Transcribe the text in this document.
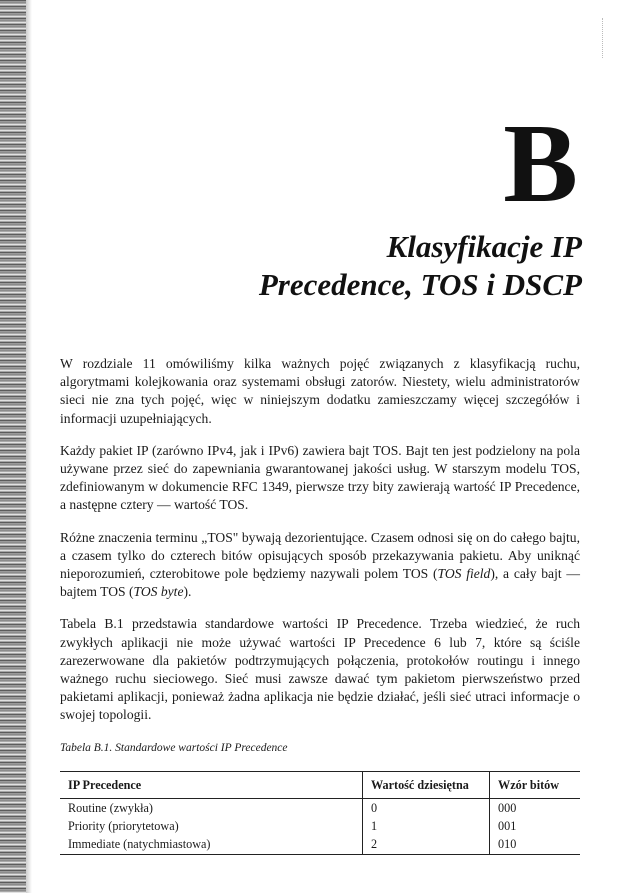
B
Klasyfikacje IP
Precedence, TOS i DSCP

W rozdziale 11 omówiliśmy kilka ważnych pojęć związanych z klasyfikacją ruchu, algorytmami kolejkowania oraz systemami obsługi zatorów. Niestety, wielu administratorów sieci nie zna tych pojęć, więc w niniejszym dodatku zamieszczamy więcej szczegółów i informacji uzupełniających.

Każdy pakiet IP (zarówno IPv4, jak i IPv6) zawiera bajt TOS. Bajt ten jest podzielony na pola używane przez sieć do zapewniania gwarantowanej jakości usług. W starszym modelu TOS, zdefiniowanym w dokumencie RFC 1349, pierwsze trzy bity zawierają wartość IP Precedence, a następne cztery — wartość TOS.

Różne znaczenia terminu „TOS" bywają dezorientujące. Czasem odnosi się on do całego bajtu, a czasem tylko do czterech bitów opisujących sposób przekazywania pakietu. Aby uniknąć nieporozumień, czterobitowe pole będziemy nazywali polem TOS (TOS field), a cały bajt — bajtem TOS (TOS byte).

Tabela B.1 przedstawia standardowe wartości IP Precedence. Trzeba wiedzieć, że ruch zwykłych aplikacji nie może używać wartości IP Precedence 6 lub 7, które są ściśle zarezerwowane dla pakietów podtrzymujących połączenia, protokołów routingu i innego ważnego ruchu sieciowego. Sieć musi zawsze dawać tym pakietom pierwszeństwo przed pakietami aplikacji, ponieważ żadna aplikacja nie będzie działać, jeśli sieć utraci informacje o swojej topologii.

Tabela B.1. Standardowe wartości IP Precedence

IP Precedence	Wartość dziesiętna	Wzór bitów
Routine (zwykła)	0	000
Priority (priorytetowa)	1	001
Immediate (natychmiastowa)	2	010
